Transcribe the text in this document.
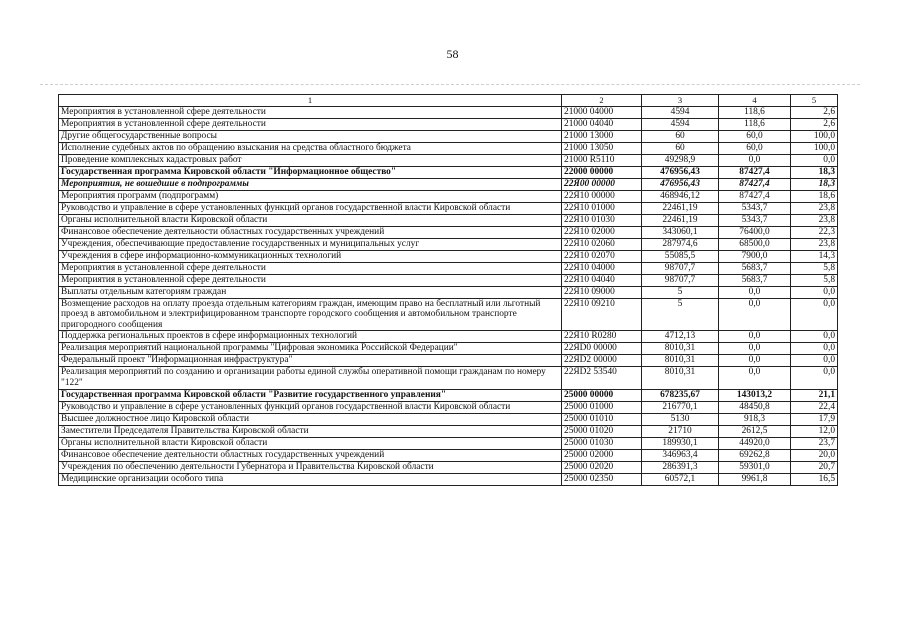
58
1	2	3	4	5
Мероприятия в установленной сфере деятельности	21000 04000	4594	118,6	2,6
Мероприятия в установленной сфере деятельности	21000 04040	4594	118,6	2,6
Другие общегосударственные вопросы	21000 13000	60	60,0	100,0
Исполнение судебных актов по обращению взыскания на средства областного бюджета	21000 13050	60	60,0	100,0
Проведение комплексных кадастровых работ	21000 R5110	49298,9	0,0	0,0
Государственная программа Кировской области "Информационное общество"	22000 00000	476956,43	87427,4	18,3
Мероприятия, не вошедшие в подпрограммы	22Я00 00000	476956,43	87427,4	18,3
Мероприятия программ (подпрограмм)	22Я10 00000	468946,12	87427,4	18,6
Руководство и управление в сфере установленных функций органов государственной власти Кировской области	22Я10 01000	22461,19	5343,7	23,8
Органы исполнительной власти Кировской области	22Я10 01030	22461,19	5343,7	23,8
Финансовое обеспечение деятельности областных государственных учреждений	22Я10 02000	343060,1	76400,0	22,3
Учреждения, обеспечивающие предоставление государственных и муниципальных услуг	22Я10 02060	287974,6	68500,0	23,8
Учреждения в сфере информационно-коммуникационных технологий	22Я10 02070	55085,5	7900,0	14,3
Мероприятия в установленной сфере деятельности	22Я10 04000	98707,7	5683,7	5,8
Мероприятия в установленной сфере деятельности	22Я10 04040	98707,7	5683,7	5,8
Выплаты отдельным категориям граждан	22Я10 09000	5	0,0	0,0
Возмещение расходов на оплату проезда отдельным категориям граждан, имеющим право на бесплатный или льготный проезд в автомобильном и электрифицированном транспорте городского сообщения и автомобильном транспорте пригородного сообщения	22Я10 09210	5	0,0	0,0
Поддержка региональных проектов в сфере информационных технологий	22Я10 R0280	4712,13	0,0	0,0
Реализация мероприятий национальной программы "Цифровая экономика Российской Федерации"	22ЯD0 00000	8010,31	0,0	0,0
Федеральный проект "Информационная инфраструктура"	22ЯD2 00000	8010,31	0,0	0,0
Реализация мероприятий по созданию и организации работы единой службы оперативной помощи гражданам по номеру "122"	22ЯD2 53540	8010,31	0,0	0,0
Государственная программа Кировской области "Развитие государственного управления"	25000 00000	678235,67	143013,2	21,1
Руководство и управление в сфере установленных функций органов государственной власти Кировской области	25000 01000	216770,1	48450,8	22,4
Высшее должностное лицо Кировской области	25000 01010	5130	918,3	17,9
Заместители Председателя Правительства Кировской области	25000 01020	21710	2612,5	12,0
Органы исполнительной власти Кировской области	25000 01030	189930,1	44920,0	23,7
Финансовое обеспечение деятельности областных государственных учреждений	25000 02000	346963,4	69262,8	20,0
Учреждения по обеспечению деятельности Губернатора и Правительства Кировской области	25000 02020	286391,3	59301,0	20,7
Медицинские организации особого типа	25000 02350	60572,1	9961,8	16,5
